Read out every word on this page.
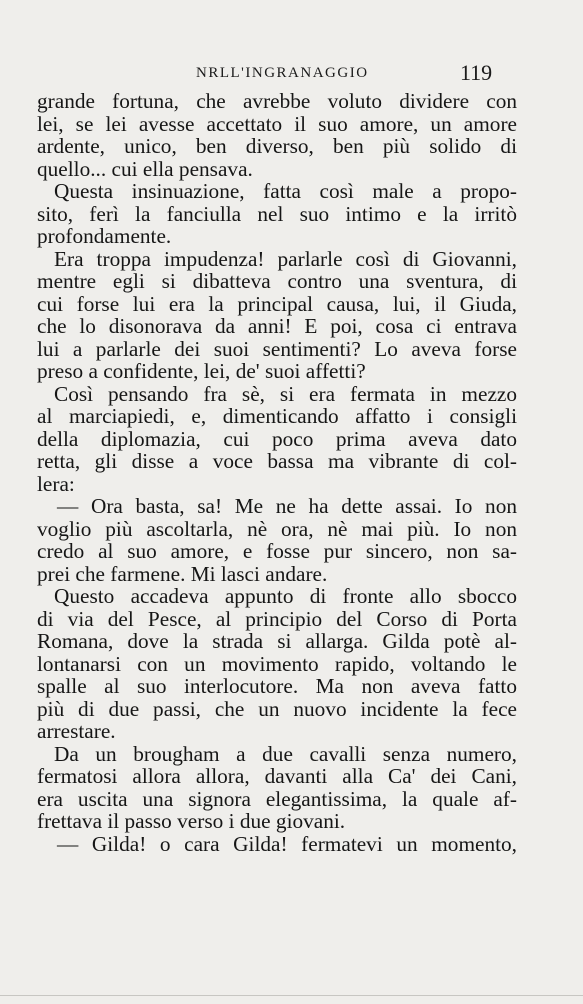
NRLL'INGRANAGGIO	119
grande fortuna, che avrebbe voluto dividere con
lei, se lei avesse accettato il suo amore, un amore
ardente, unico, ben diverso, ben più solido di
quello... cui ella pensava.
Questa insinuazione, fatta così male a propo-
sito, ferì la fanciulla nel suo intimo e la irritò
profondamente.
Era troppa impudenza! parlarle così di Giovanni,
mentre egli si dibatteva contro una sventura, di
cui forse lui era la principal causa, lui, il Giuda,
che lo disonorava da anni! E poi, cosa ci entrava
lui a parlarle dei suoi sentimenti? Lo aveva forse
preso a confidente, lei, de' suoi affetti?
Così pensando fra sè, si era fermata in mezzo
al marciapiedi, e, dimenticando affatto i consigli
della diplomazia, cui poco prima aveva dato
retta, gli disse a voce bassa ma vibrante di col-
lera:
— Ora basta, sa! Me ne ha dette assai. Io non
voglio più ascoltarla, nè ora, nè mai più. Io non
credo al suo amore, e fosse pur sincero, non sa-
prei che farmene. Mi lasci andare.
Questo accadeva appunto di fronte allo sbocco
di via del Pesce, al principio del Corso di Porta
Romana, dove la strada si allarga. Gilda potè al-
lontanarsi con un movimento rapido, voltando le
spalle al suo interlocutore. Ma non aveva fatto
più di due passi, che un nuovo incidente la fece
arrestare.
Da un brougham a due cavalli senza numero,
fermatosi allora allora, davanti alla Ca' dei Cani,
era uscita una signora elegantissima, la quale af-
frettava il passo verso i due giovani.
— Gilda! o cara Gilda! fermatevi un momento,
